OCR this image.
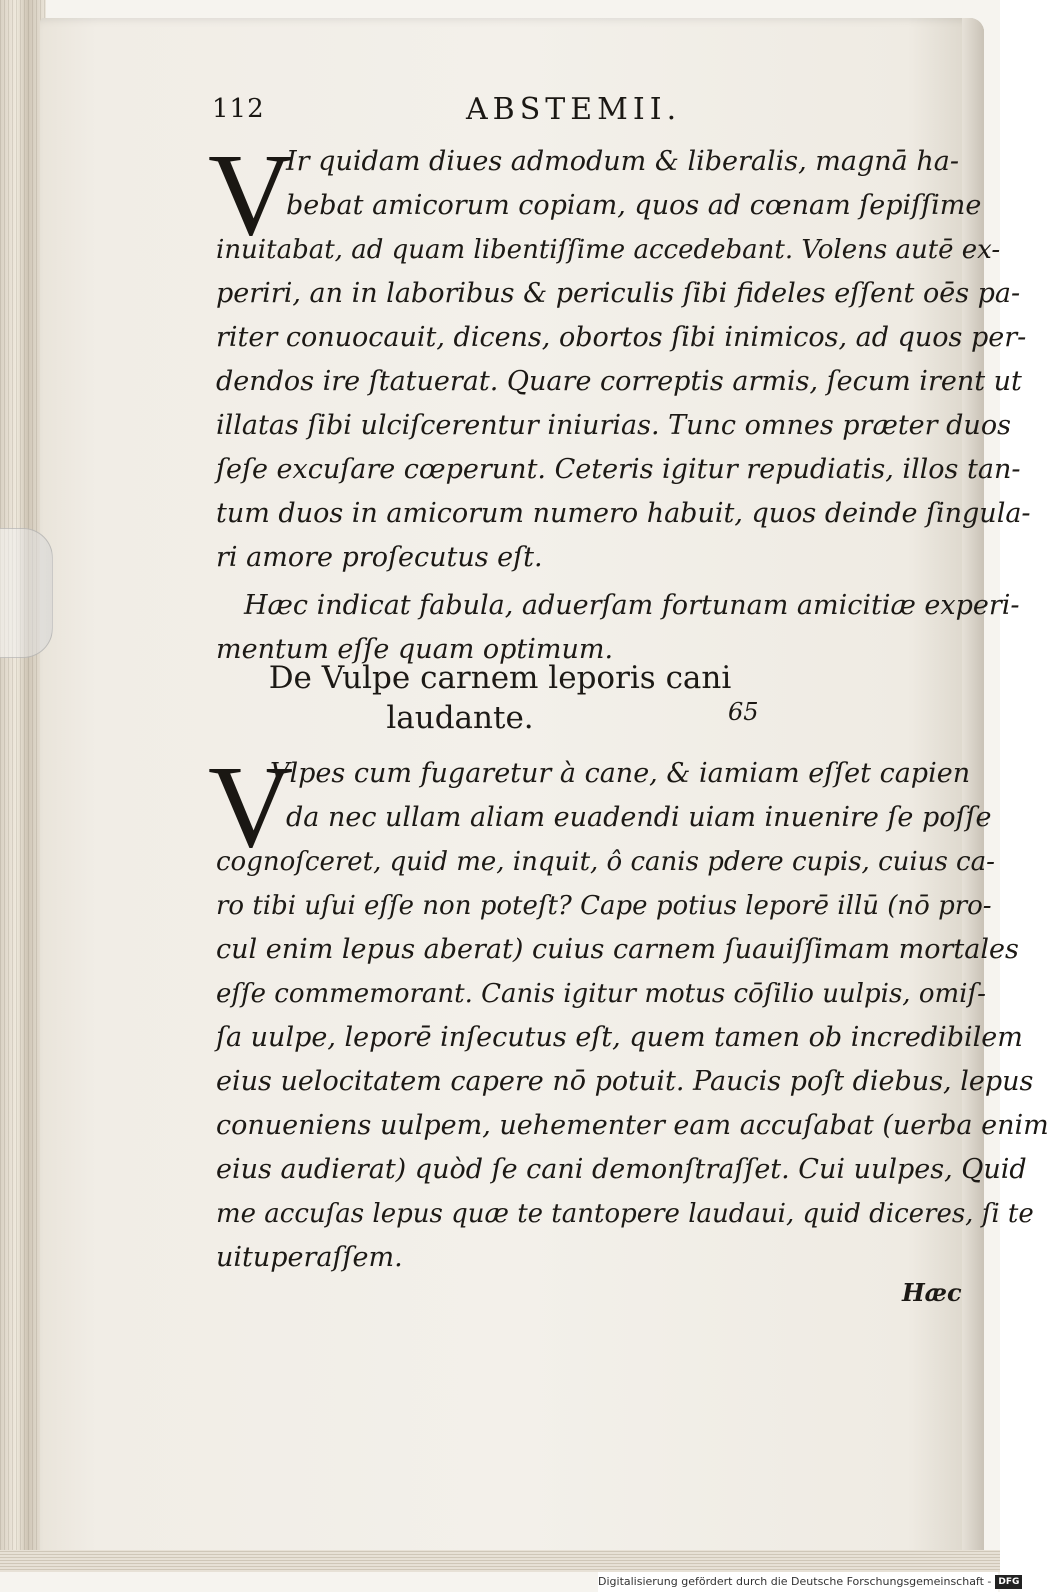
112	ABSTEMII.
V
Ir quidam diues admodum & liberalis, magnā ha-
bebat amicorum copiam, quos ad cœnam ſepiſſime
inuitabat, ad quam libentiſſime accedebant. Volens autē ex-
periri, an in laboribus & periculis ſibi fideles eſſent oēs pa-
riter conuocauit, dicens, obortos ſibi inimicos, ad quos per-
dendos ire ſtatuerat. Quare correptis armis, ſecum irent ut
illatas ſibi ulciſcerentur iniurias. Tunc omnes præter duos
ſeſe excuſare cœperunt. Ceteris igitur repudiatis, illos tan-
tum duos in amicorum numero habuit, quos deinde ſingula-
ri amore proſecutus eſt.
Hæc indicat fabula, aduerſam fortunam amicitiæ experi-
mentum eſſe quam optimum.
De Vulpe carnem leporis cani
laudante.	65
V
Vlpes cum fugaretur à cane, & iamiam eſſet capien
da nec ullam aliam euadendi uiam inuenire ſe poſſe
cognoſceret, quid me, inquit, ô canis pdere cupis, cuius ca-
ro tibi uſui eſſe non poteſt? Cape potius leporē illū (nō pro-
cul enim lepus aberat) cuius carnem ſuauiſſimam mortales
eſſe commemorant. Canis igitur motus cōſilio uulpis, omiſ-
ſa uulpe, leporē inſecutus eſt, quem tamen ob incredibilem
eius uelocitatem capere nō potuit. Paucis poſt diebus, lepus
conueniens uulpem, uehementer eam accuſabat (uerba enim
eius audierat) quòd ſe cani demonſtraſſet. Cui uulpes, Quid
me accuſas lepus quæ te tantopere laudaui, quid diceres, ſi te
uituperaſſem.
Hæc
Digitalisierung gefördert durch die Deutsche Forschungsgemeinschaft - DFG
